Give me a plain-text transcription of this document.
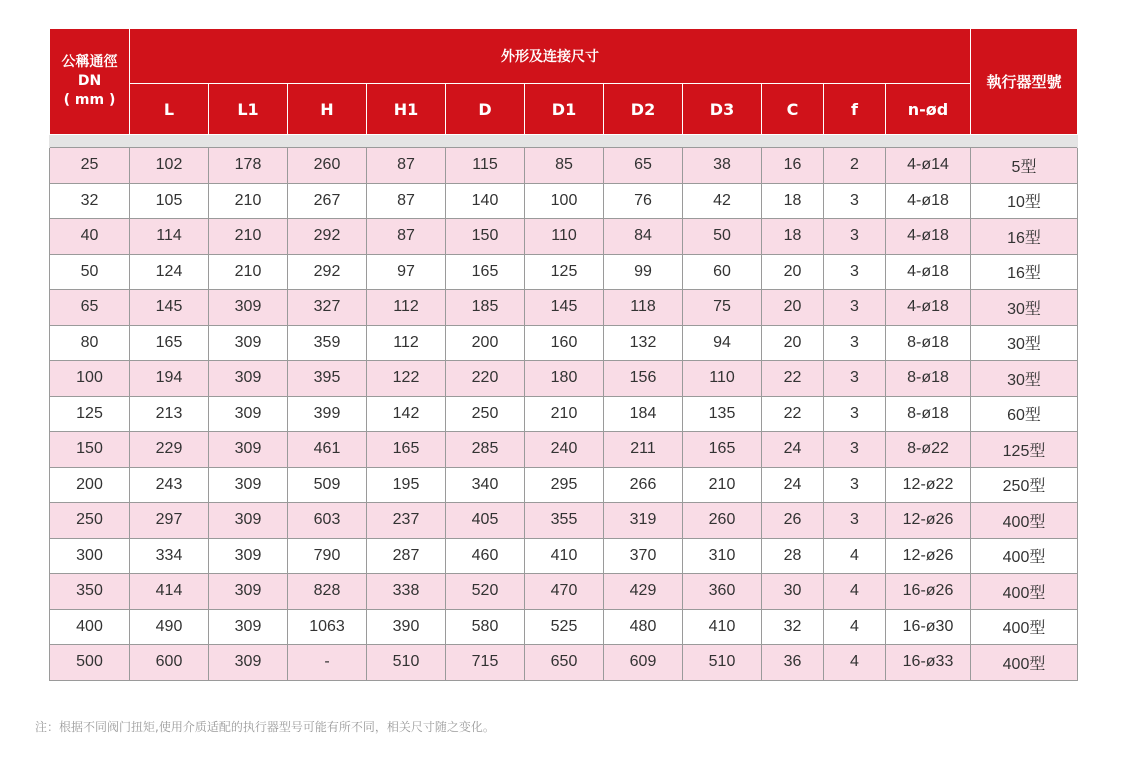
公稱通徑
DN
( mm )	外形及连接尺寸											執行器型號
	L	L1	H	H1	D	D1	D2	D3	C	f	n-ød	

25	102	178	260	87	115	85	65	38	16	2	4-ø14	5型
32	105	210	267	87	140	100	76	42	18	3	4-ø18	10型
40	114	210	292	87	150	110	84	50	18	3	4-ø18	16型
50	124	210	292	97	165	125	99	60	20	3	4-ø18	16型
65	145	309	327	112	185	145	118	75	20	3	4-ø18	30型
80	165	309	359	112	200	160	132	94	20	3	8-ø18	30型
100	194	309	395	122	220	180	156	110	22	3	8-ø18	30型
125	213	309	399	142	250	210	184	135	22	3	8-ø18	60型
150	229	309	461	165	285	240	211	165	24	3	8-ø22	125型
200	243	309	509	195	340	295	266	210	24	3	12-ø22	250型
250	297	309	603	237	405	355	319	260	26	3	12-ø26	400型
300	334	309	790	287	460	410	370	310	28	4	12-ø26	400型
350	414	309	828	338	520	470	429	360	30	4	16-ø26	400型
400	490	309	1063	390	580	525	480	410	32	4	16-ø30	400型
500	600	309	-	510	715	650	609	510	36	4	16-ø33	400型
注：根据不同阀门扭矩,使用介质适配的执行器型号可能有所不同，相关尺寸随之变化。
